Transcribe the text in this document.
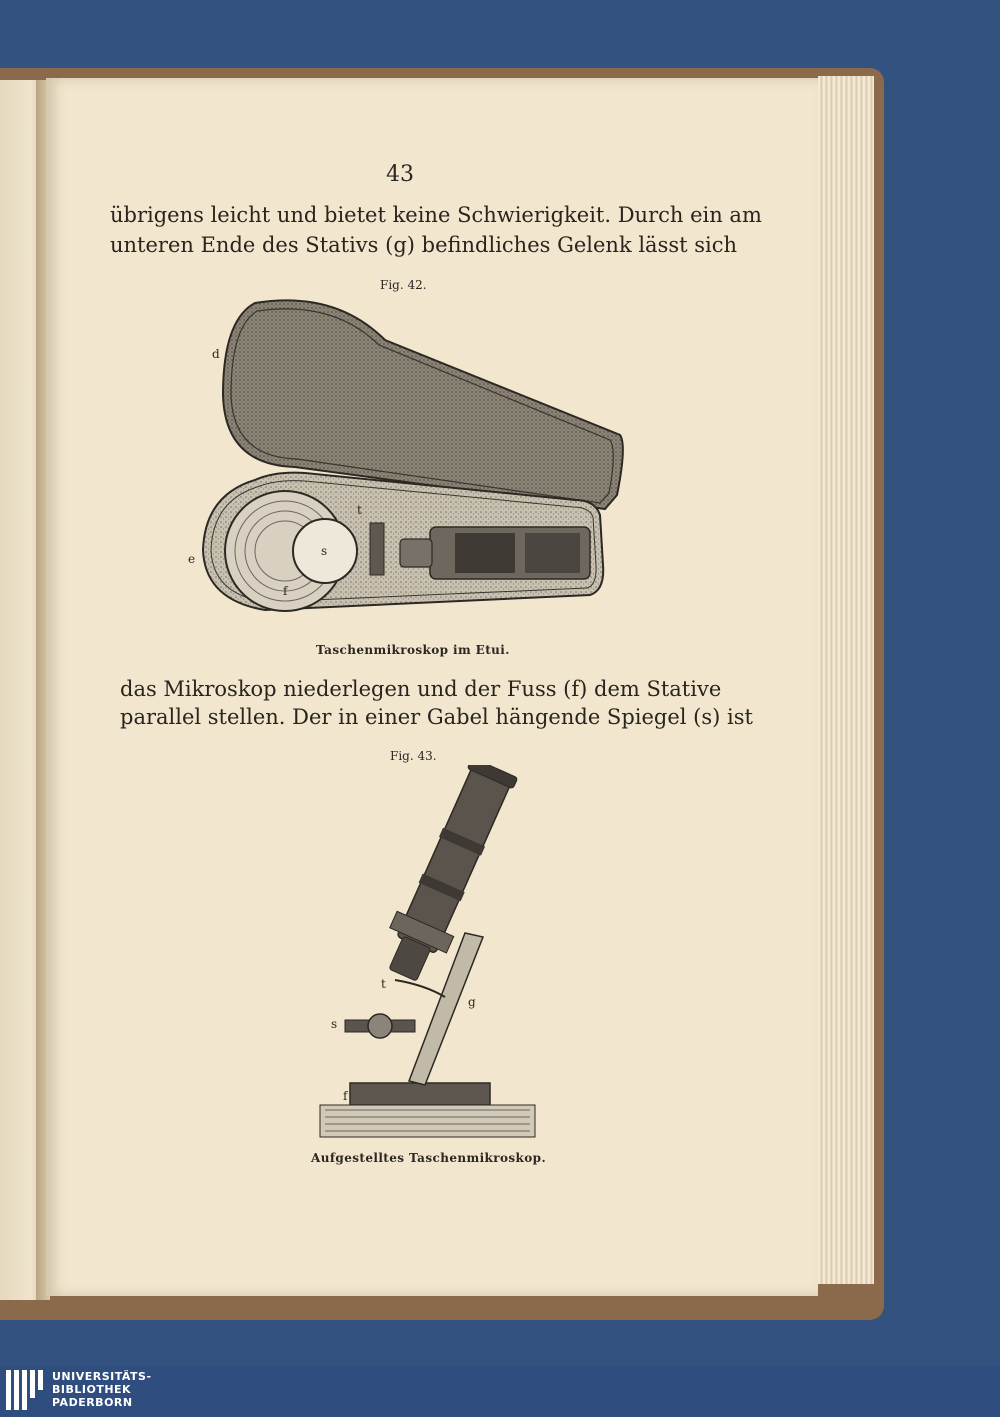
43
übrigens leicht und bietet keine Schwierigkeit. Durch ein am
unteren Ende des Stativs (g) befindliches Gelenk lässt sich
Fig. 42.
d
e
f
s
t
Taschenmikroskop im Etui.
das Mikroskop niederlegen und der Fuss (f) dem Stative
parallel stellen. Der in einer Gabel hängende Spiegel (s) ist
Fig. 43.
t
g
s
f
Aufgestelltes Taschenmikroskop.
UNIVERSITÄTS-
BIBLIOTHEK
PADERBORN
